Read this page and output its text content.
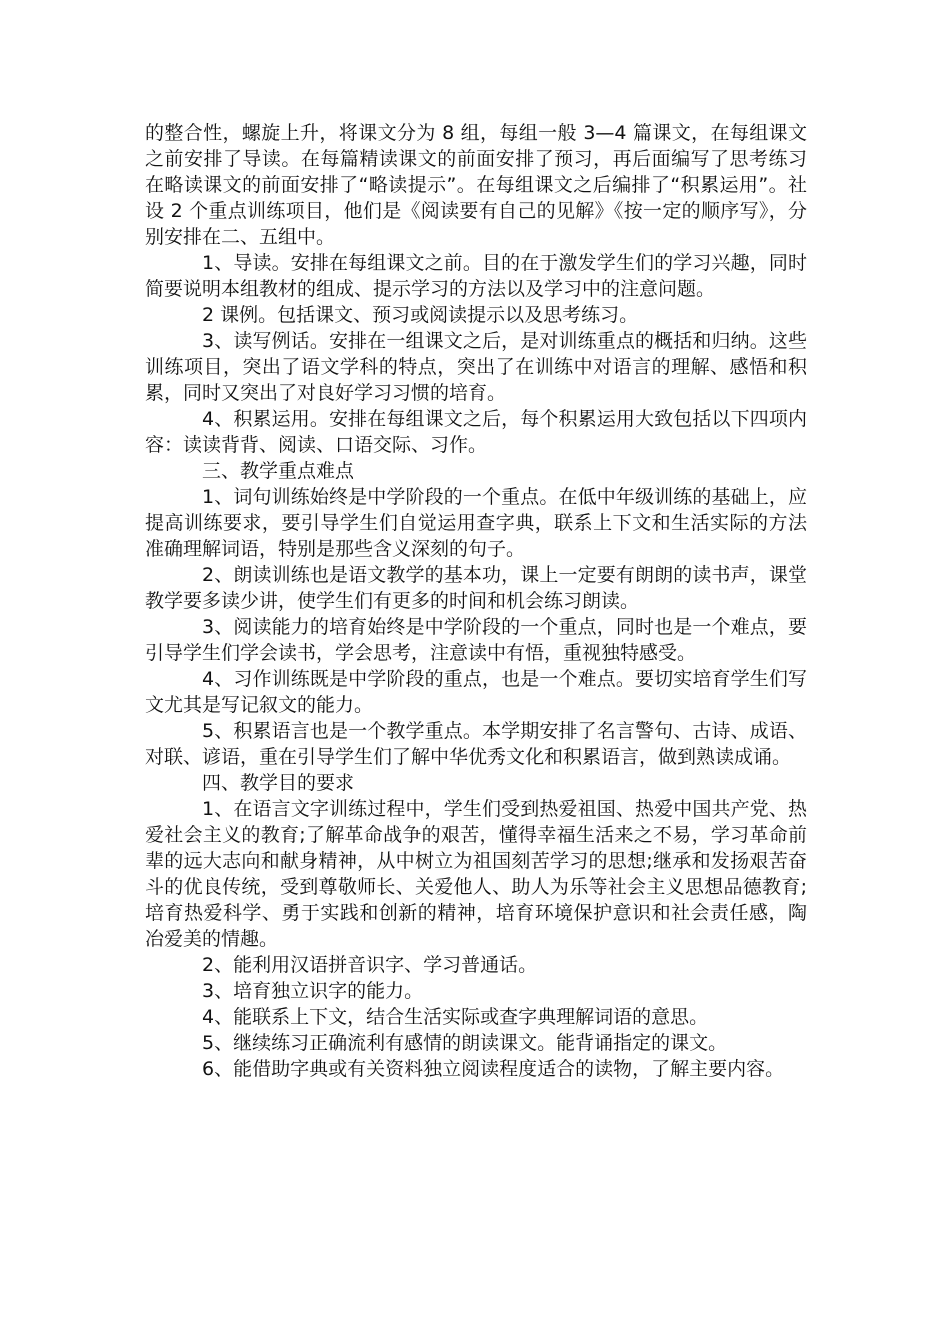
的整合性，螺旋上升，将课文分为 8 组，每组一般 3—4 篇课文，在每组课文之前安排了导读。在每篇精读课文的前面安排了预习，再后面编写了思考练习在略读课文的前面安排了“略读提示”。在每组课文之后编排了“积累运用”。社设 2 个重点训练项目，他们是《阅读要有自己的见解》《按一定的顺序写》，分别安排在二、五组中。

1、导读。安排在每组课文之前。目的在于激发学生们的学习兴趣，同时简要说明本组教材的组成、提示学习的方法以及学习中的注意问题。

2 课例。包括课文、预习或阅读提示以及思考练习。

3、读写例话。安排在一组课文之后，是对训练重点的概括和归纳。这些训练项目，突出了语文学科的特点，突出了在训练中对语言的理解、感悟和积累，同时又突出了对良好学习习惯的培育。

4、积累运用。安排在每组课文之后，每个积累运用大致包括以下四项内容：读读背背、阅读、口语交际、习作。

三、教学重点难点

1、词句训练始终是中学阶段的一个重点。在低中年级训练的基础上，应提高训练要求，要引导学生们自觉运用查字典，联系上下文和生活实际的方法准确理解词语，特别是那些含义深刻的句子。

2、朗读训练也是语文教学的基本功，课上一定要有朗朗的读书声，课堂教学要多读少讲，使学生们有更多的时间和机会练习朗读。

3、阅读能力的培育始终是中学阶段的一个重点，同时也是一个难点，要引导学生们学会读书，学会思考，注意读中有悟，重视独特感受。

4、习作训练既是中学阶段的重点，也是一个难点。要切实培育学生们写文尤其是写记叙文的能力。

5、积累语言也是一个教学重点。本学期安排了名言警句、古诗、成语、对联、谚语，重在引导学生们了解中华优秀文化和积累语言，做到熟读成诵。

四、教学目的要求

1、在语言文字训练过程中，学生们受到热爱祖国、热爱中国共产党、热爱社会主义的教育;了解革命战争的艰苦，懂得幸福生活来之不易，学习革命前辈的远大志向和献身精神，从中树立为祖国刻苦学习的思想;继承和发扬艰苦奋斗的优良传统，受到尊敬师长、关爱他人、助人为乐等社会主义思想品德教育;培育热爱科学、勇于实践和创新的精神，培育环境保护意识和社会责任感，陶冶爱美的情趣。

2、能利用汉语拼音识字、学习普通话。

3、培育独立识字的能力。

4、能联系上下文，结合生活实际或查字典理解词语的意思。

5、继续练习正确流利有感情的朗读课文。能背诵指定的课文。

6、能借助字典或有关资料独立阅读程度适合的读物，了解主要内容。
